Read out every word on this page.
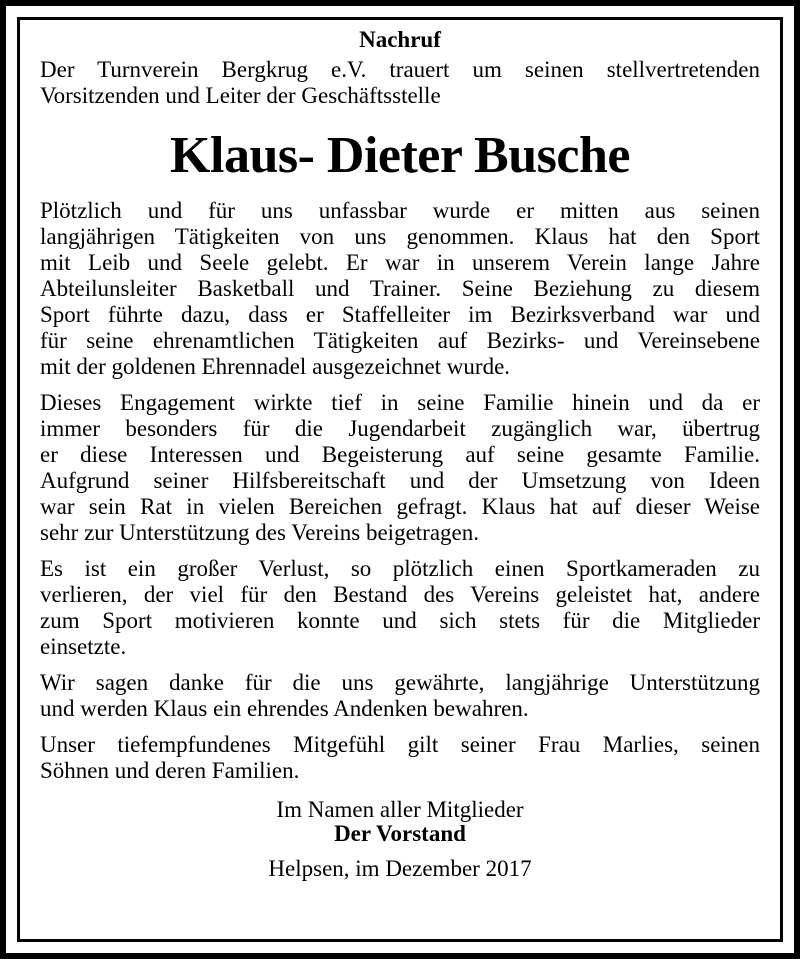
Nachruf
Der Turnverein Bergkrug e.V. trauert um seinen stellvertretenden
Vorsitzenden und Leiter der Geschäftsstelle
Klaus- Dieter Busche
Plötzlich und für uns unfassbar wurde er mitten aus seinen
langjährigen Tätigkeiten von uns genommen. Klaus hat den Sport
mit Leib und Seele gelebt. Er war in unserem Verein lange Jahre
Abteilunsleiter Basketball und Trainer. Seine Beziehung zu diesem
Sport führte dazu, dass er Staffelleiter im Bezirksverband war und
für seine ehrenamtlichen Tätigkeiten auf Bezirks- und Vereinsebene
mit der goldenen Ehrennadel ausgezeichnet wurde.
Dieses Engagement wirkte tief in seine Familie hinein und da er
immer besonders für die Jugendarbeit zugänglich war, übertrug
er diese Interessen und Begeisterung auf seine gesamte Familie.
Aufgrund seiner Hilfsbereitschaft und der Umsetzung von Ideen
war sein Rat in vielen Bereichen gefragt. Klaus hat auf dieser Weise
sehr zur Unterstützung des Vereins beigetragen.
Es ist ein großer Verlust, so plötzlich einen Sportkameraden zu
verlieren, der viel für den Bestand des Vereins geleistet hat, andere
zum Sport motivieren konnte und sich stets für die Mitglieder
einsetzte.
Wir sagen danke für die uns gewährte, langjährige Unterstützung
und werden Klaus ein ehrendes Andenken bewahren.
Unser tiefempfundenes Mitgefühl gilt seiner Frau Marlies, seinen
Söhnen und deren Familien.
Im Namen aller Mitglieder
Der Vorstand
Helpsen, im Dezember 2017
